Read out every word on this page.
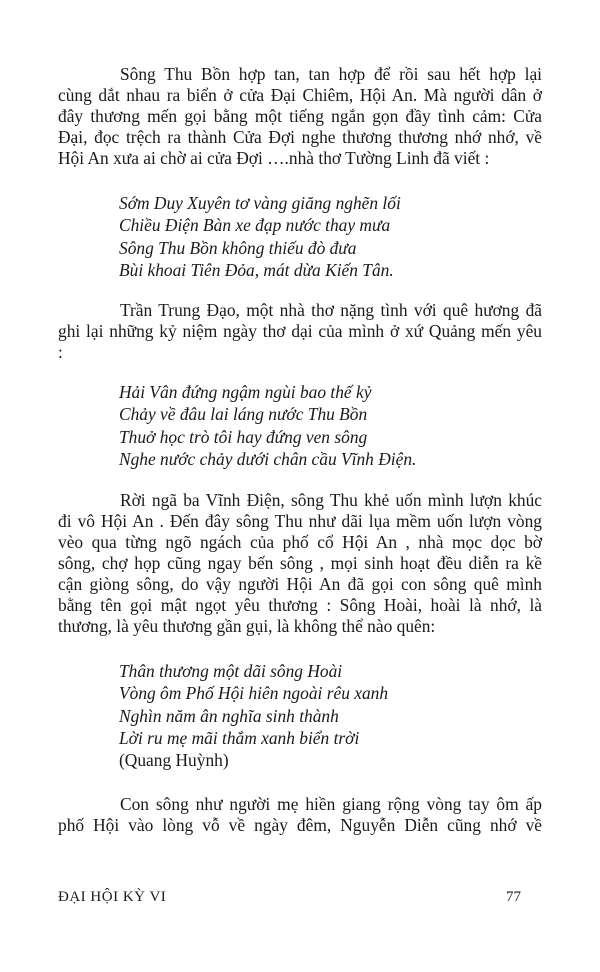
Sông Thu Bồn hợp tan, tan hợp để rồi sau hết hợp lại
cùng dắt nhau ra biển ở cửa Đại Chiêm, Hội An. Mà người dân ở
đây thương mến gọi bằng một tiếng ngắn gọn đầy tình cảm: Cửa
Đại, đọc trệch ra thành Cửa Đợi nghe thương thương nhớ nhớ, về
Hội An xưa ai chờ ai cửa Đợi ….nhà thơ Tường Linh đã viết :
Sớm Duy Xuyên tơ vàng giăng nghẽn lối
Chiều Điện Bàn xe đạp nước thay mưa
Sông Thu Bồn không thiếu đò đưa
Bùi khoai Tiên Đỏa, mát dừa Kiến Tân.
Trần Trung Đạo, một nhà thơ nặng tình với quê hương đã
ghi lại những kỷ niệm ngày thơ dại của mình ở xứ Quảng mến yêu
:
Hải Vân đứng ngậm ngùi bao thế kỷ
Chảy về đâu lai láng nước Thu Bồn
Thuở học trò tôi hay đứng ven sông
Nghe nước chảy dưới chân cầu Vĩnh Điện.
Rời ngã ba Vĩnh Điện, sông Thu khẻ uốn mình lượn khúc
đi vô Hội An . Đến đây sông Thu như dãi lụa mềm uốn lượn vòng
vèo qua từng ngõ ngách của phố cổ Hội An , nhà mọc dọc bờ
sông, chợ họp cũng ngay bến sông , mọi sinh hoạt đều diễn ra kề
cận giòng sông, do vậy người Hội An đã gọi con sông quê mình
bằng tên gọi mật ngọt yêu thương : Sông Hoài, hoài là nhớ, là
thương, là yêu thương gần gụi, là không thể nào quên:
Thân thương một dãi sông Hoài
Vòng ôm Phố Hội hiên ngoài rêu xanh
Nghìn năm ân nghĩa sinh thành
Lời ru mẹ mãi thắm xanh biển trời
(Quang Huỳnh)
Con sông như người mẹ hiền giang rộng vòng tay ôm ấp
phố Hội vào lòng vỗ về ngày đêm, Nguyễn Diễn cũng nhớ về
ĐẠI HỘI KỲ VI	77
